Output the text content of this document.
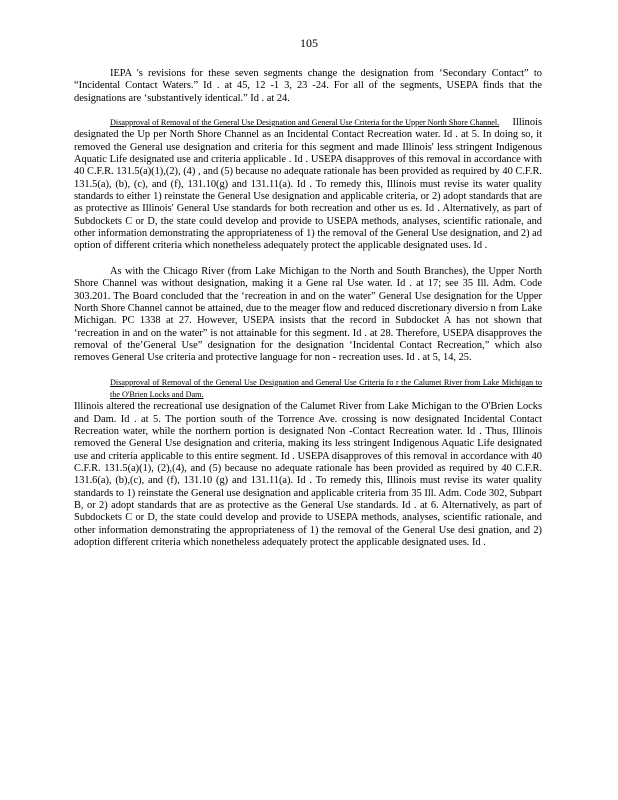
105

IEPA 's revisions for these seven segments change the designation from ‘Secondary Contact” to “Incidental Contact Waters.” Id . at 45, 12 -1 3, 23 -24. For all of the segments, USEPA finds that the designations are ‘substantively identical.” Id . at 24.

Disapproval of Removal of the General Use Designation and General Use Criteria for the Upper North Shore Channel. Illinois designated the Up per North Shore Channel as an Incidental Contact Recreation water. Id . at 5. In doing so, it removed the General use designation and criteria for this segment and made Illinois' less stringent Indigenous Aquatic Life designated use and criteria applicable . Id . USEPA disapproves of this removal in accordance with 40 C.F.R. 131.5(a)(1),(2), (4) , and (5) because no adequate rationale has been provided as required by 40 C.F.R. 131.5(a), (b), (c), and (f), 131.10(g) and 131.11(a). Id . To remedy this, Illinois must revise its water quality standards to either 1) reinstate the General Use designation and applicable criteria, or 2) adopt standards that are as protective as Illinois' General Use standards for both recreation and other us es. Id . Alternatively, as part of Subdockets C or D, the state could develop and provide to USEPA methods, analyses, scientific rationale, and other information demonstrating the appropriateness of 1) the removal of the General Use designation, and 2) ad option of different criteria which nonetheless adequately protect the applicable designated uses. Id .

As with the Chicago River (from Lake Michigan to the North and South Branches), the Upper North Shore Channel was without designation, making it a Gene ral Use water. Id . at 17; see 35 Ill. Adm. Code 303.201. The Board concluded that the ‘recreation in and on the water” General Use designation for the Upper North Shore Channel cannot be attained, due to the meager flow and reduced discretionary diversio n from Lake Michigan. PC 1338 at 27. However, USEPA insists that the record in Subdocket A has not shown that ‘recreation in and on the water” is not attainable for this segment. Id . at 28. Therefore, USEPA disapproves the removal of the’General Use” designation for the designation ‘Incidental Contact Recreation,” which also removes General Use criteria and protective language for non - recreation uses. Id . at 5, 14, 25.

Disapproval of Removal of the General Use Designation and General Use Criteria fo r the Calumet River from Lake Michigan to the O'Brien Locks and Dam. Illinois altered the recreational use designation of the Calumet River from Lake Michigan to the O'Brien Locks and Dam. Id . at 5. The portion south of the Torrence Ave. crossing is now designated Incidental Contact Recreation water, while the northern portion is designated Non -Contact Recreation water. Id . Thus, Illinois removed the General Use designation and criteria, making its less stringent Indigenous Aquatic Life designated use and criteria applicable to this entire segment. Id . USEPA disapproves of this removal in accordance with 40 C.F.R. 131.5(a)(1), (2),(4), and (5) because no adequate rationale has been provided as required by 40 C.F.R. 131.6(a), (b),(c), and (f), 131.10 (g) and 131.11(a). Id . To remedy this, Illinois must revise its water quality standards to 1) reinstate the General use designation and applicable criteria from 35 Ill. Adm. Code 302, Subpart B, or 2) adopt standards that are as protective as the General Use standards. Id . at 6. Alternatively, as part of Subdockets C or D, the state could develop and provide to USEPA methods, analyses, scientific rationale, and other information demonstrating the appropriateness of 1) the removal of the General Use desi gnation, and 2) adoption different criteria which nonetheless adequately protect the applicable designated uses. Id .
